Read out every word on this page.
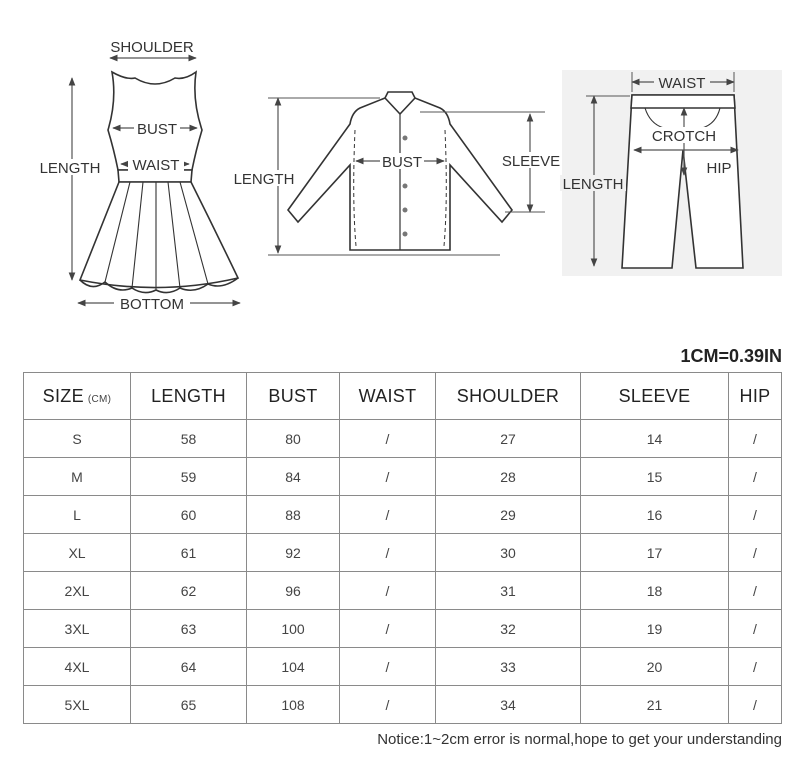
SHOULDER
BUST
WAIST
LENGTH
BOTTOM
LENGTH
BUST	SLEEVE
WAIST
CROTCH
HIP
LENGTH
1CM=0.39IN
SIZE (CM)	LENGTH	BUST	WAIST	SHOULDER	SLEEVE	HIP
S	58	80	/	27	14	/
M	59	84	/	28	15	/
L	60	88	/	29	16	/
XL	61	92	/	30	17	/
2XL	62	96	/	31	18	/
3XL	63	100	/	32	19	/
4XL	64	104	/	33	20	/
5XL	65	108	/	34	21	/
Notice:1~2cm error is normal,hope to get your understanding
